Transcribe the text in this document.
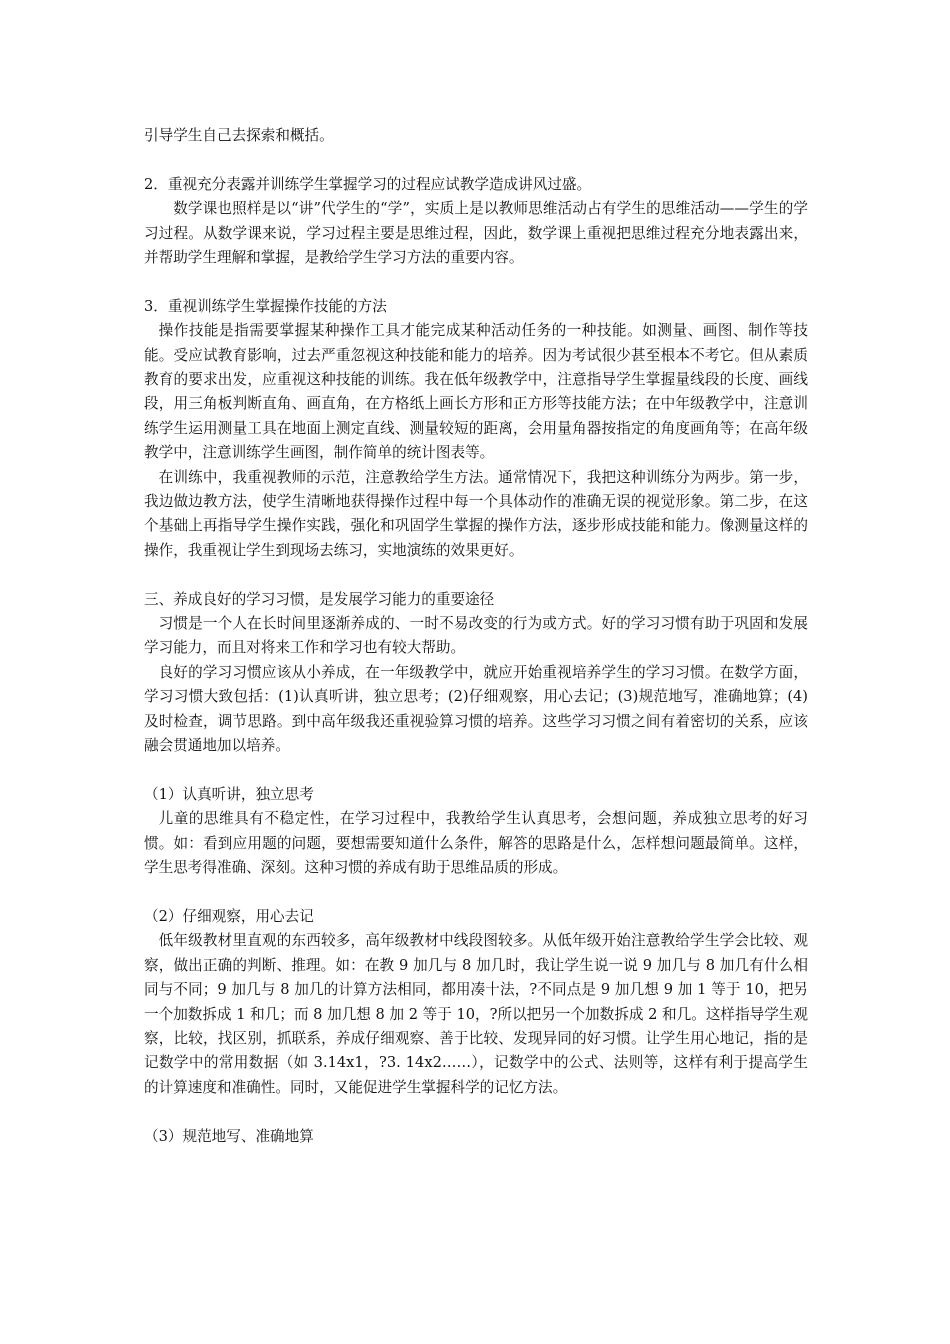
引导学生自己去探索和概括。

2．重视充分表露并训练学生掌握学习的过程应试教学造成讲风过盛。

数学课也照样是以“讲”代学生的“学”，实质上是以教师思维活动占有学生的思维活动——学生的学习过程。从数学课来说，学习过程主要是思维过程，因此，数学课上重视把思维过程充分地表露出来，并帮助学生理解和掌握，是教给学生学习方法的重要内容。

3．重视训练学生掌握操作技能的方法

操作技能是指需要掌握某种操作工具才能完成某种活动任务的一种技能。如测量、画图、制作等技能。受应试教育影响，过去严重忽视这种技能和能力的培养。因为考试很少甚至根本不考它。但从素质教育的要求出发，应重视这种技能的训练。我在低年级教学中，注意指导学生掌握量线段的长度、画线段，用三角板判断直角、画直角，在方格纸上画长方形和正方形等技能方法；在中年级教学中，注意训练学生运用测量工具在地面上测定直线、测量较短的距离，会用量角器按指定的角度画角等；在高年级教学中，注意训练学生画图，制作简单的统计图表等。

在训练中，我重视教师的示范，注意教给学生方法。通常情况下，我把这种训练分为两步。第一步，我边做边教方法，使学生清晰地获得操作过程中每一个具体动作的准确无误的视觉形象。第二步，在这个基础上再指导学生操作实践，强化和巩固学生掌握的操作方法，逐步形成技能和能力。像测量这样的操作，我重视让学生到现场去练习，实地演练的效果更好。

三、养成良好的学习习惯，是发展学习能力的重要途径

习惯是一个人在长时间里逐渐养成的、一时不易改变的行为或方式。好的学习习惯有助于巩固和发展学习能力，而且对将来工作和学习也有较大帮助。

良好的学习习惯应该从小养成，在一年级教学中，就应开始重视培养学生的学习习惯。在数学方面，学习习惯大致包括：(1)认真听讲，独立思考；(2)仔细观察，用心去记；(3)规范地写，准确地算；(4)及时检查，调节思路。到中高年级我还重视验算习惯的培养。这些学习习惯之间有着密切的关系，应该融会贯通地加以培养。

（1）认真听讲，独立思考

儿童的思维具有不稳定性，在学习过程中，我教给学生认真思考，会想问题，养成独立思考的好习惯。如：看到应用题的问题，要想需要知道什么条件，解答的思路是什么，怎样想问题最简单。这样，学生思考得准确、深刻。这种习惯的养成有助于思维品质的形成。

（2）仔细观察，用心去记

低年级教材里直观的东西较多，高年级教材中线段图较多。从低年级开始注意教给学生学会比较、观察，做出正确的判断、推理。如：在教 9 加几与 8 加几时，我让学生说一说 9 加几与 8 加几有什么相同与不同；9 加几与 8 加几的计算方法相同，都用凑十法，?不同点是 9 加几想 9 加 1 等于 10，把另一个加数拆成 1 和几；而 8 加几想 8 加 2 等于 10，?所以把另一个加数拆成 2 和几。这样指导学生观察，比较，找区别，抓联系，养成仔细观察、善于比较、发现异同的好习惯。让学生用心地记，指的是记数学中的常用数据（如 3.14x1，?3. 14x2……），记数学中的公式、法则等，这样有利于提高学生的计算速度和准确性。同时，又能促进学生掌握科学的记忆方法。

（3）规范地写、准确地算
